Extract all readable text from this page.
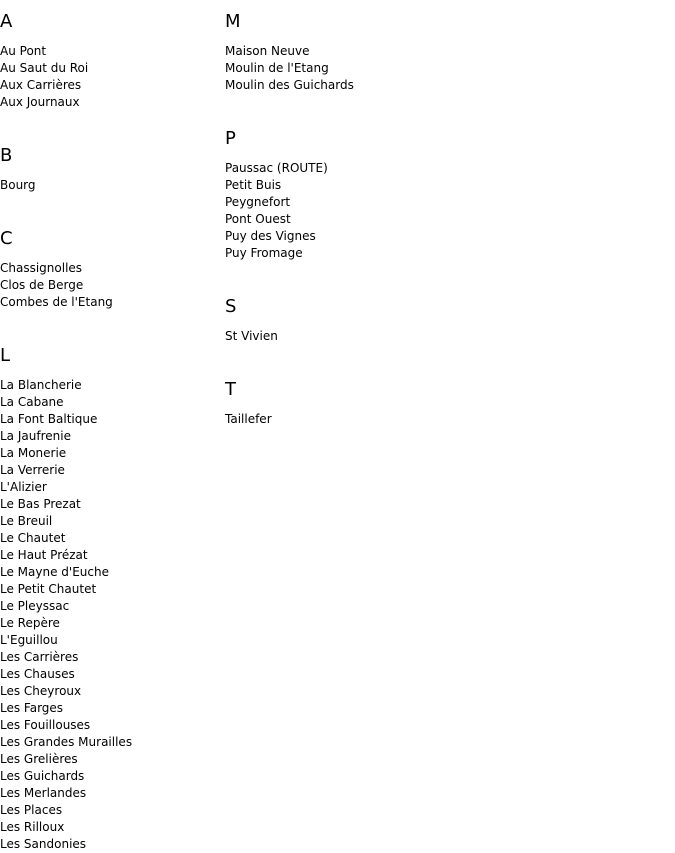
A
Au Pont
Au Saut du Roi
Aux Carrières
Aux Journaux
B
Bourg
C
Chassignolles
Clos de Berge
Combes de l'Etang
L
La Blancherie
La Cabane
La Font Baltique
La Jaufrenie
La Monerie
La Verrerie
L'Alizier
Le Bas Prezat
Le Breuil
Le Chautet
Le Haut Prézat
Le Mayne d'Euche
Le Petit Chautet
Le Pleyssac
Le Repère
L'Eguillou
Les Carrières
Les Chauses
Les Cheyroux
Les Farges
Les Fouillouses
Les Grandes Murailles
Les Grelières
Les Guichards
Les Merlandes
Les Places
Les Rilloux
Les Sandonies
M
Maison Neuve
Moulin de l'Etang
Moulin des Guichards
P
Paussac (ROUTE)
Petit Buis
Peygnefort
Pont Ouest
Puy des Vignes
Puy Fromage
S
St Vivien
T
Taillefer
